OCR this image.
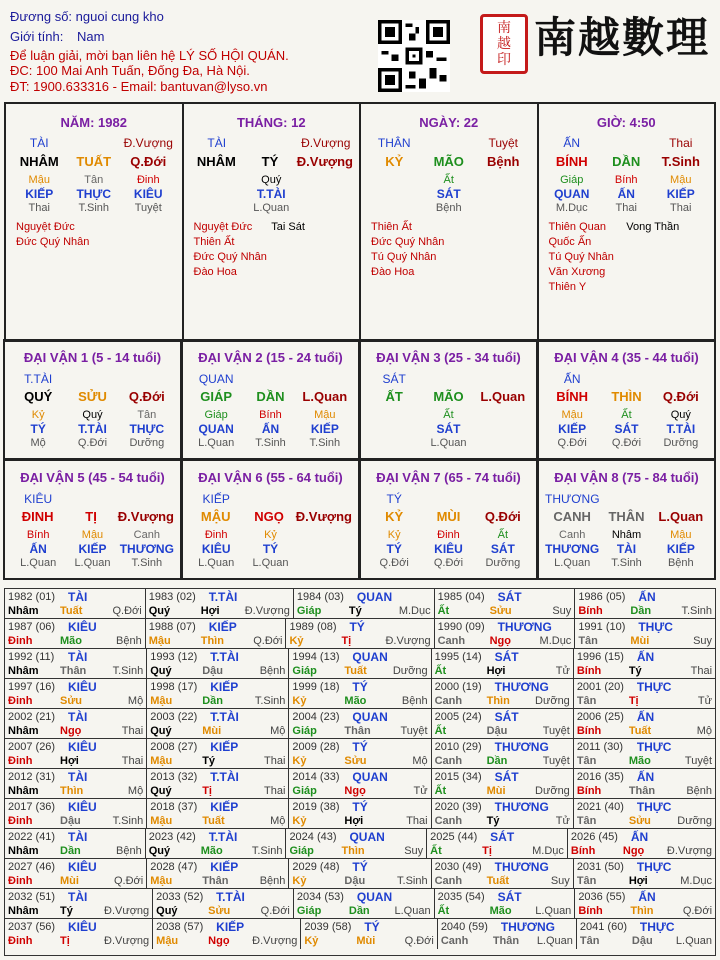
Đương số: nguoi cung kho
Giới tính: Nam
Để luận giải, mời bạn liên hệ LÝ SỐ HỘI QUÁN.
ĐC: 100 Mai Anh Tuấn, Đống Đa, Hà Nội.
ĐT: 1900.633316 - Email: bantuvan@lyso.vn
南
越
印 南越數理
NĂM: 1982
TÀI	Đ.Vượng
NHÂM	TUẤT	Q.Đới
Mậu	Tân	Đinh
KIẾP	THỰC	KIÊU
Thai	T.Sinh	Tuyệt
Nguyệt Đức
Đức Quý Nhân
THÁNG: 12
TÀI	Đ.Vượng
NHÂM	TÝ	Đ.Vượng
Quý
T.TÀI
L.Quan
Nguyệt Đức
Thiên Ất
Đức Quý Nhân
Đào Hoa
Tai Sát
NGÀY: 22
THÂN	Tuyệt
KỶ	MÃO	Bệnh
Ất
SÁT
Bệnh
Thiên Ất
Đức Quý Nhân
Tú Quý Nhân
Đào Hoa
GIỜ: 4:50
ẤN	Thai
BÍNH	DẦN	T.Sinh
Giáp	Bính	Mậu
QUAN	ẤN	KIẾP
M.Dục	Thai	Thai
Thiên Quan
Quốc Ấn
Tú Quý Nhân
Văn Xương
Thiên Y
Vong Thần
ĐẠI VẬN 1 (5 - 14 tuổi)
T.TÀI
QUÝ	SỬU	Q.Đới
Kỷ	Quý	Tân
TÝ	T.TÀI	THỰC
Mộ	Q.Đới	Dưỡng
ĐẠI VẬN 2 (15 - 24 tuổi)
QUAN
GIÁP	DẦN	L.Quan
Giáp	Bính	Mậu
QUAN	ẤN	KIẾP
L.Quan	T.Sinh	T.Sinh
ĐẠI VẬN 3 (25 - 34 tuổi)
SÁT
ẤT	MÃO	L.Quan
Ất
SÁT
L.Quan
ĐẠI VẬN 4 (35 - 44 tuổi)
ẤN
BÍNH	THÌN	Q.Đới
Mậu	Ất	Quý
KIẾP	SÁT	T.TÀI
Q.Đới	Q.Đới	Dưỡng
ĐẠI VẬN 5 (45 - 54 tuổi)
KIÊU
ĐINH	TỊ	Đ.Vượng
Bính	Mậu	Canh
ẤN	KIẾP	THƯƠNG
L.Quan	L.Quan	T.Sinh
ĐẠI VẬN 6 (55 - 64 tuổi)
KIẾP
MẬU	NGỌ Đ.Vượng
Đinh	Kỷ
KIÊU	TÝ
L.Quan	L.Quan
ĐẠI VẬN 7 (65 - 74 tuổi)
TÝ
KỶ	MÙI	Q.Đới
Kỷ	Đinh	Ất
TÝ	KIÊU	SÁT
Q.Đới	Q.Đới	Dưỡng
ĐẠI VẬN 8 (75 - 84 tuổi)
THƯƠNG
CANH	THÂN	L.Quan
Canh	Nhâm	Mậu
THƯƠNG	TÀI	KIẾP
L.Quan	T.Sinh	Bệnh
1982 (01)	TÀI
Nhâm	Tuất	Q.Đới
1983 (02)	T.TÀI
Quý	Hợi	Đ.Vượng
1984 (03)	QUAN
Giáp	Tý	M.Dục
1985 (04)	SÁT
Ất	Sửu	Suy
1986 (05)	ẤN
Bính	Dần	T.Sinh
1987 (06)	KIÊU
Đinh	Mão	Bệnh
1988 (07)	KIẾP
Mậu	Thìn	Q.Đới
1989 (08)	TÝ
Kỷ	Tị	Đ.Vượng
1990 (09)	THƯƠNG
Canh	Ngọ	M.Dục
1991 (10)	THỰC
Tân	Mùi	Suy
1992 (11)	TÀI
Nhâm	Thân	T.Sinh
1993 (12)	T.TÀI
Quý	Dậu	Bệnh
1994 (13)	QUAN
Giáp	Tuất	Dưỡng
1995 (14)	SÁT
Ất	Hợi	Tử
1996 (15)	ẤN
Bính	Tý	Thai
1997 (16)	KIÊU
Đinh	Sửu	Mộ
1998 (17)	KIẾP
Mậu	Dần	T.Sinh
1999 (18)	TÝ
Kỷ	Mão	Bệnh
2000 (19)	THƯƠNG
Canh	Thìn	Dưỡng
2001 (20)	THỰC
Tân	Tị	Tử
2002 (21)	TÀI
Nhâm	Ngọ	Thai
2003 (22)	T.TÀI
Quý	Mùi	Mộ
2004 (23)	QUAN
Giáp	Thân	Tuyệt
2005 (24)	SÁT
Ất	Dậu	Tuyệt
2006 (25)	ẤN
Bính	Tuất	Mộ
2007 (26)	KIÊU
Đinh	Hợi	Thai
2008 (27)	KIẾP
Mậu	Tý	Thai
2009 (28)	TÝ
Kỷ	Sửu	Mộ
2010 (29)	THƯƠNG
Canh	Dần	Tuyệt
2011 (30)	THỰC
Tân	Mão	Tuyệt
2012 (31)	TÀI
Nhâm	Thìn	Mộ
2013 (32)	T.TÀI
Quý	Tị	Thai
2014 (33)	QUAN
Giáp	Ngọ	Tử
2015 (34)	SÁT
Ất	Mùi	Dưỡng
2016 (35)	ẤN
Bính	Thân	Bệnh
2017 (36)	KIÊU
Đinh	Dậu	T.Sinh
2018 (37)	KIẾP
Mậu	Tuất	Mộ
2019 (38)	TÝ
Kỷ	Hợi	Thai
2020 (39)	THƯƠNG
Canh	Tý	Tử
2021 (40)	THỰC
Tân	Sửu	Dưỡng
2022 (41)	TÀI
Nhâm	Dần	Bệnh
2023 (42)	T.TÀI
Quý	Mão	T.Sinh
2024 (43)	QUAN
Giáp	Thìn	Suy
2025 (44)	SÁT
Ất	Tị	M.Dục
2026 (45)	ẤN
Bính	Ngọ	Đ.Vượng
2027 (46)	KIÊU
Đinh	Mùi	Q.Đới
2028 (47)	KIẾP
Mậu	Thân	Bệnh
2029 (48)	TÝ
Kỷ	Dậu	T.Sinh
2030 (49)	THƯƠNG
Canh	Tuất	Suy
2031 (50)	THỰC
Tân	Hợi	M.Dục
2032 (51)	TÀI
Nhâm	Tý	Đ.Vượng
2033 (52)	T.TÀI
Quý	Sửu	Q.Đới
2034 (53)	QUAN
Giáp	Dần	L.Quan
2035 (54)	SÁT
Ất	Mão	L.Quan
2036 (55)	ẤN
Bính	Thìn	Q.Đới
2037 (56)	KIÊU
Đinh	Tị	Đ.Vượng
2038 (57)	KIẾP
Mậu	Ngọ	Đ.Vượng
2039 (58)	TÝ
Kỷ	Mùi	Q.Đới
2040 (59)	THƯƠNG
Canh	Thân	L.Quan
2041 (60)	THỰC
Tân	Dậu	L.Quan
